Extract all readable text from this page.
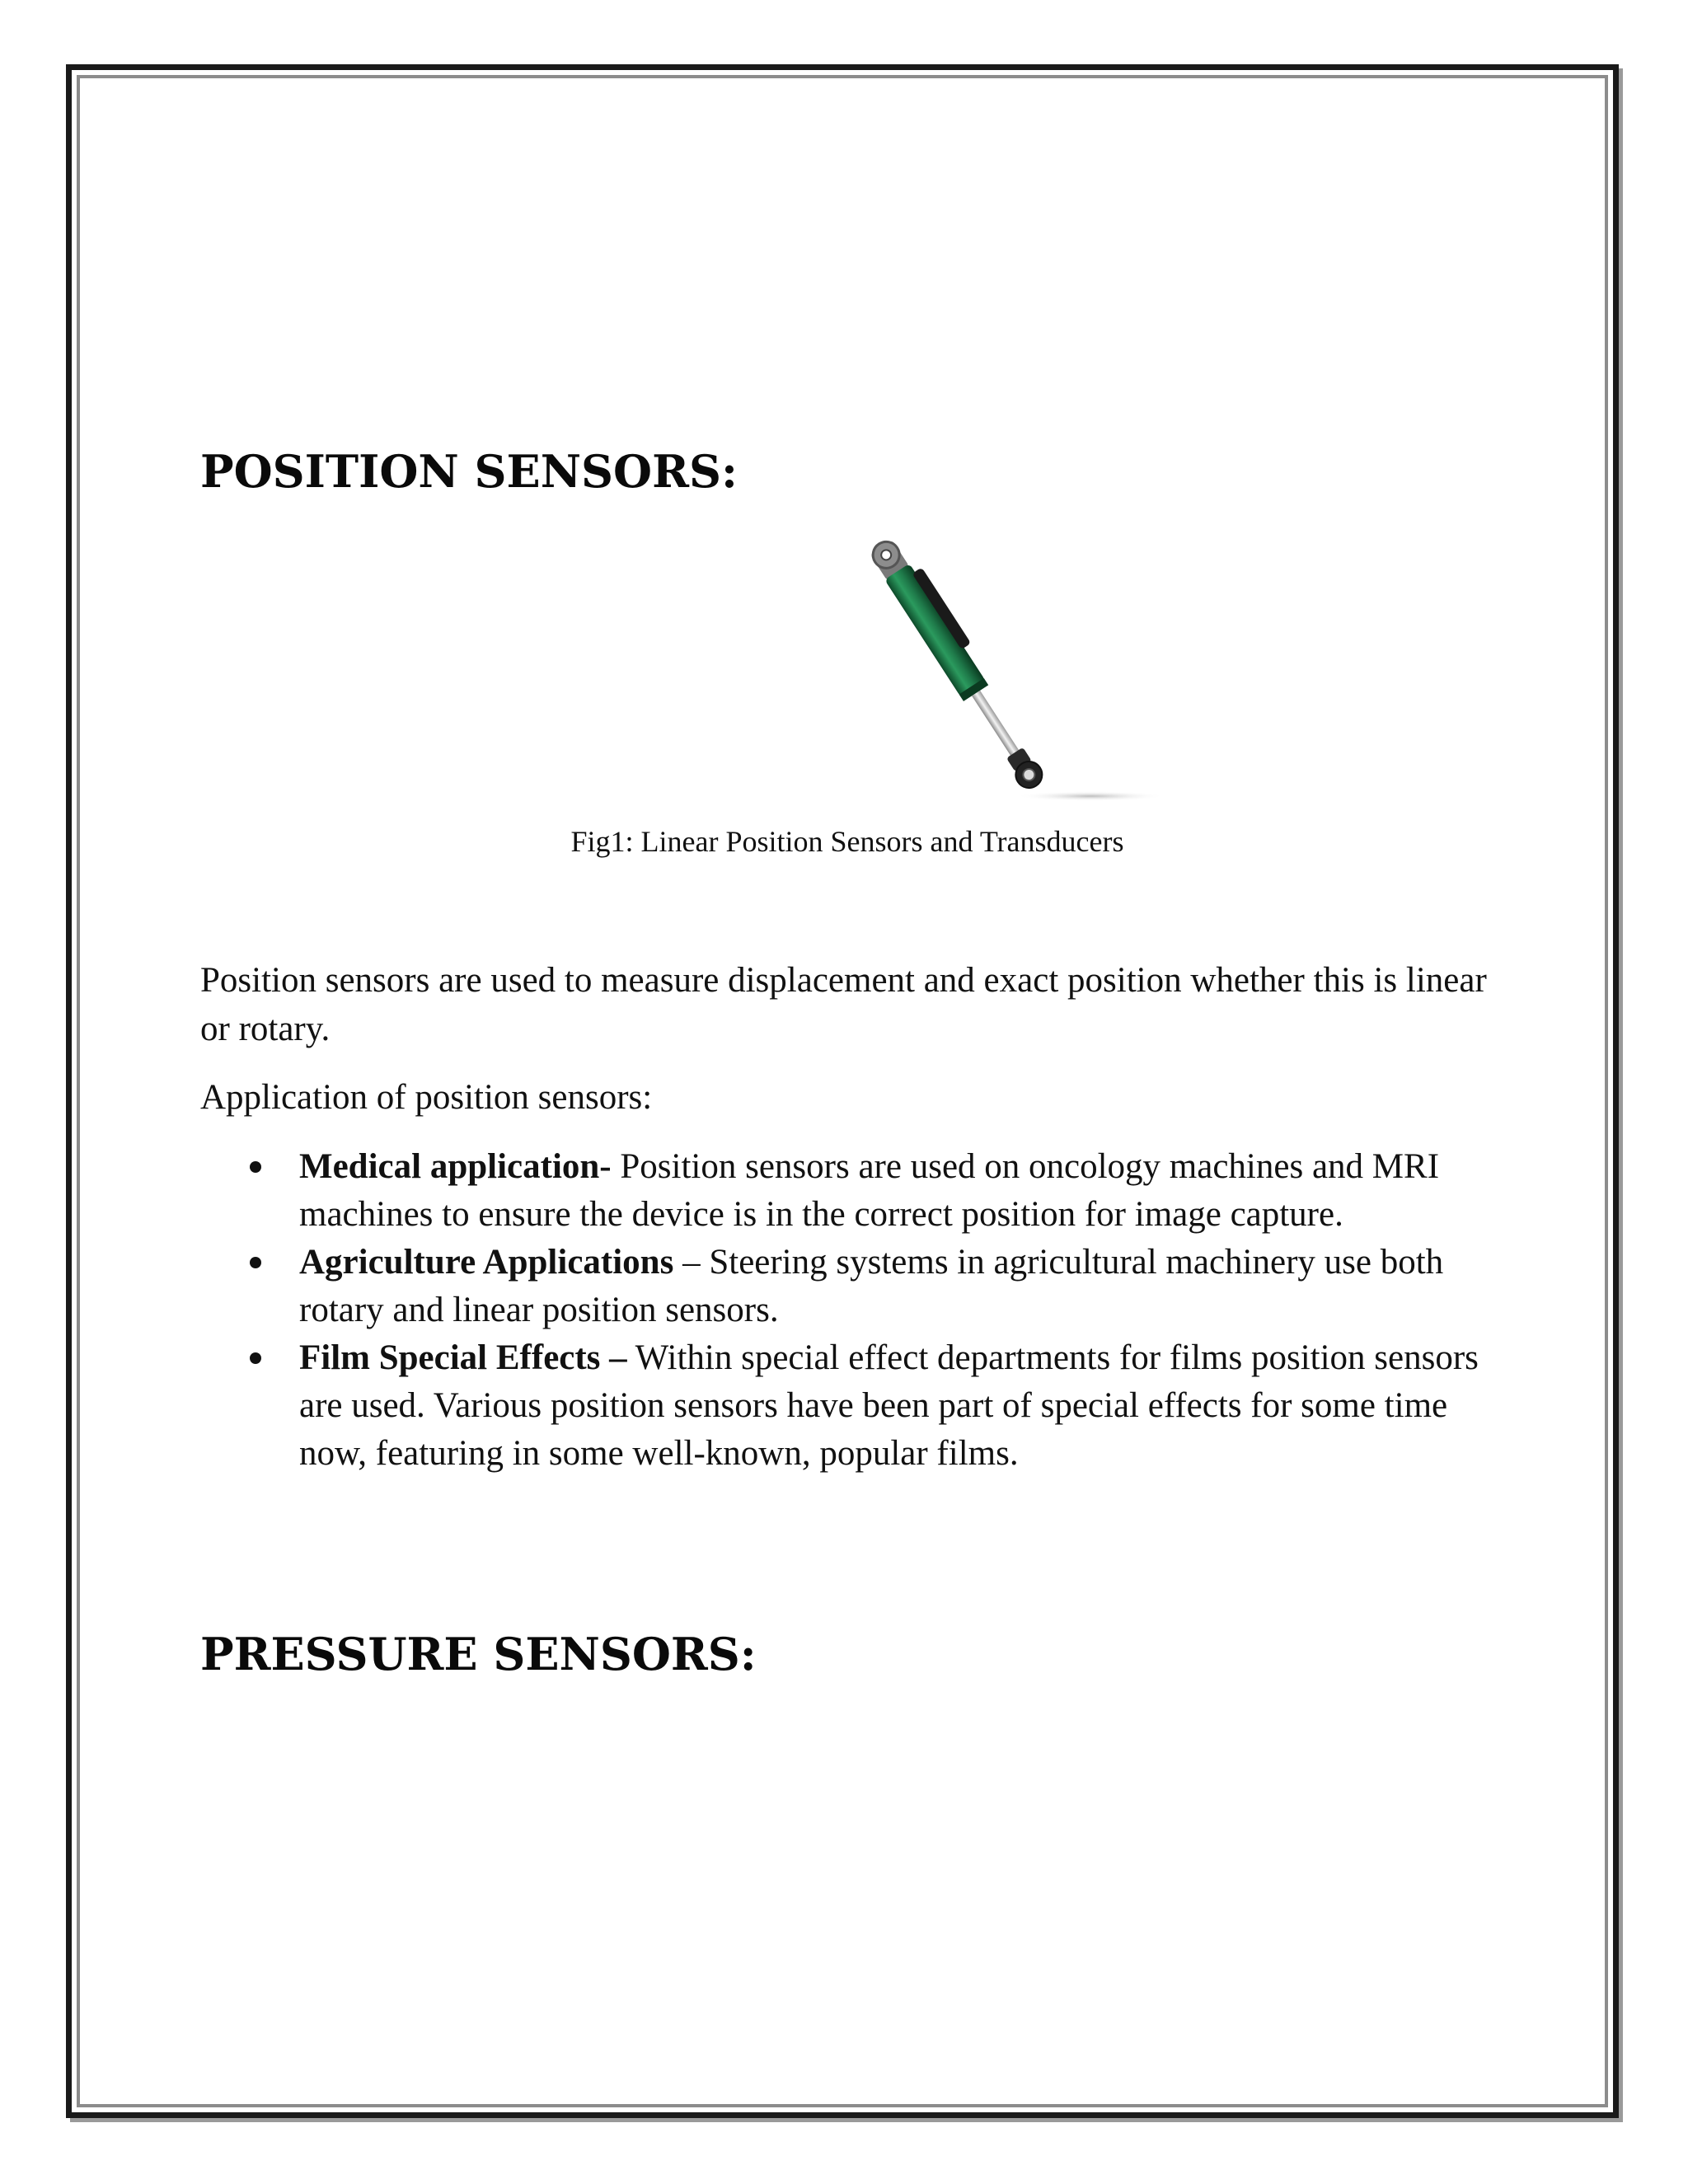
POSITION SENSORS:
Fig1: Linear Position Sensors and Transducers
Position sensors are used to measure displacement and exact position whether this is linear or rotary.
Application of position sensors:
Medical application- Position sensors are used on oncology machines and MRI machines to ensure the device is in the correct position for image capture.
Agriculture Applications – Steering systems in agricultural machinery use both rotary and linear position sensors.
Film Special Effects – Within special effect departments for films position sensors are used. Various position sensors have been part of special effects for some time now, featuring in some well-known, popular films.
PRESSURE SENSORS:
